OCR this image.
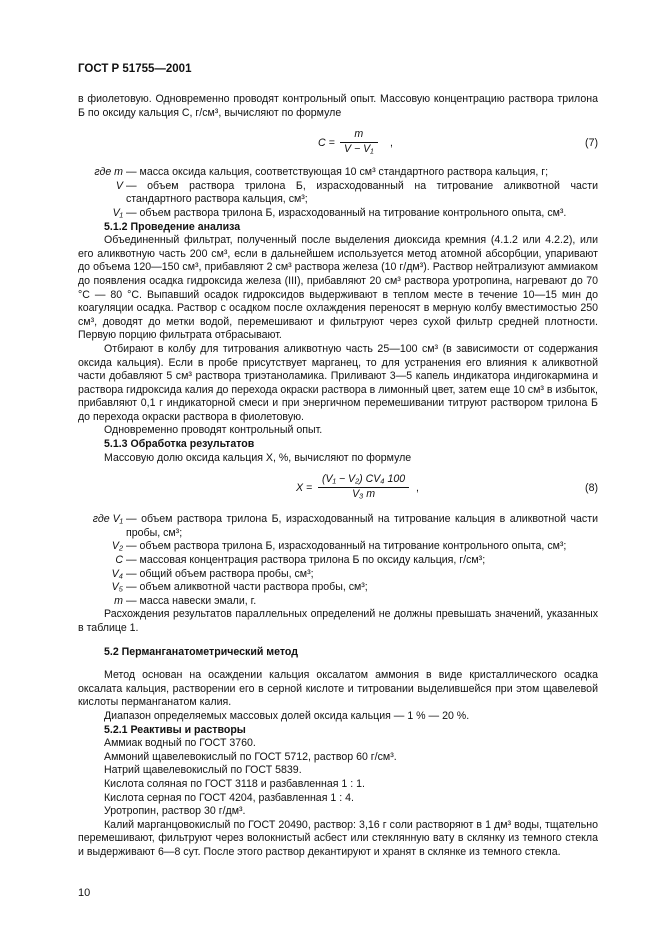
ГОСТ Р 51755—2001

в фиолетовую. Одновременно проводят контрольный опыт. Массовую концентрацию раствора трилона Б по оксиду кальция С, г/см³, вычисляют по формуле

$C = \frac{m}{\text{V − V₁}}$ ,	(7)
где m — масса оксида кальция, соответствующая 10 см³ стандартного раствора кальция, г;
V — объем раствора трилона Б, израсходованный на титрование аликвотной части стандартного раствора кальция, см³;
V₁ — объем раствора трилона Б, израсходованный на титрование контрольного опыта, см³.

5.1.2 Проведение анализа

Объединенный фильтрат, полученный после выделения диоксида кремния (4.1.2 или 4.2.2), или его аликвотную часть 200 см³, если в дальнейшем используется метод атомной абсорбции, упаривают до объема 120—150 см³, прибавляют 2 см³ раствора железа (10 г/дм³). Раствор нейтрализуют аммиаком до появления осадка гидроксида железа (III), прибавляют 20 см³ раствора уротропина, нагревают до 70 °С — 80 °С. Выпавший осадок гидроксидов выдерживают в теплом месте в течение 10—15 мин до коагуляции осадка. Раствор с осадком после охлаждения переносят в мерную колбу вместимостью 250 см³, доводят до метки водой, перемешивают и фильтруют через сухой фильтр средней плотности. Первую порцию фильтрата отбрасывают.

Отбирают в колбу для титрования аликвотную часть 25—100 см³ (в зависимости от содержания оксида кальция). Если в пробе присутствует марганец, то для устранения его влияния к аликвотной части добавляют 5 см³ раствора триэтаноламика. Приливают 3—5 капель индикатора индигокармина и раствора гидроксида калия до перехода окраски раствора в лимонный цвет, затем еще 10 см³ в избыток, прибавляют 0,1 г индикаторной смеси и при энергичном перемешивании титруют раствором трилона Б до перехода окраски раствора в фиолетовую.

Одновременно проводят контрольный опыт.

5.1.3 Обработка результатов

Массовую долю оксида кальция X, %, вычисляют по формуле

$X = \frac{\text{(V₁ − V₂) CV₄ 100}}{\text{V₃ m}}$ ,	(8)
где V₁ — объем раствора трилона Б, израсходованный на титрование кальция в аликвотной части пробы, см³;
V₂ — объем раствора трилона Б, израсходованный на титрование контрольного опыта, см³;
C — массовая концентрация раствора трилона Б по оксиду кальция, г/см³;
V₄ — общий объем раствора пробы, см³;
V₅ — объем аликвотной части раствора пробы, см³;
m — масса навески эмали, г.

Расхождения результатов параллельных определений не должны превышать значений, указанных в таблице 1.

5.2 Перманганатометрический метод

Метод основан на осаждении кальция оксалатом аммония в виде кристаллического осадка оксалата кальция, растворении его в серной кислоте и титровании выделившейся при этом щавелевой кислоты перманганатом калия.

Диапазон определяемых массовых долей оксида кальция — 1 % — 20 %.

5.2.1 Реактивы и растворы

Аммиак водный по ГОСТ 3760.

Аммоний щавелевокислый по ГОСТ 5712, раствор 60 г/см³.

Натрий щавелевокислый по ГОСТ 5839.

Кислота соляная по ГОСТ 3118 и разбавленная 1 : 1.

Кислота серная по ГОСТ 4204, разбавленная 1 : 4.

Уротропин, раствор 30 г/дм³.

Калий марганцовокислый по ГОСТ 20490, раствор: 3,16 г соли растворяют в 1 дм³ воды, тщательно перемешивают, фильтруют через волокнистый асбест или стеклянную вату в склянку из темного стекла и выдерживают 6—8 сут. После этого раствор декантируют и хранят в склянке из темного стекла.

10
